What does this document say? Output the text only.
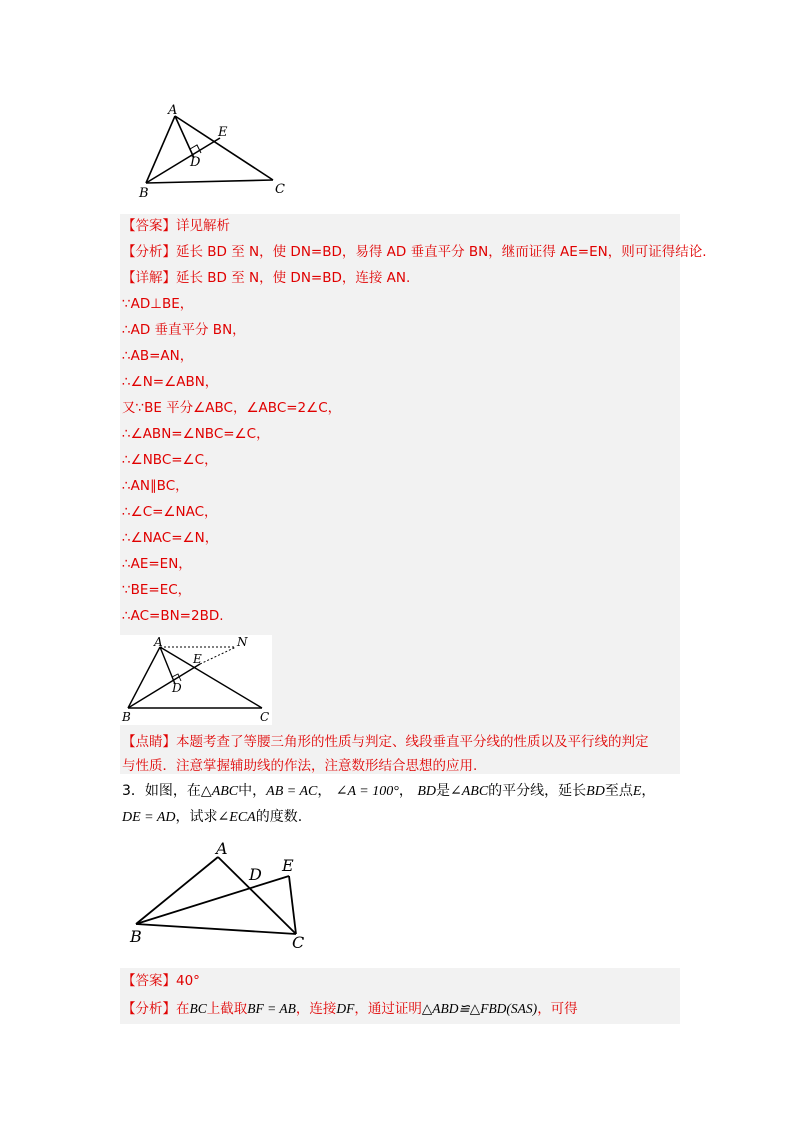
A
E
D
B	C
【答案】详见解析
【分析】延长 BD 至 N，使 DN=BD，易得 AD 垂直平分 BN，继而证得 AE=EN，则可证得结论.
【详解】延长 BD 至 N，使 DN=BD，连接 AN.
∵AD⊥BE，
∴AD 垂直平分 BN，
∴AB=AN，
∴∠N=∠ABN，
又∵BE 平分∠ABC，∠ABC=2∠C，
∴∠ABN=∠NBC=∠C，
∴∠NBC=∠C，
∴AN∥BC，
∴∠C=∠NAC，
∴∠NAC=∠N，
∴AE=EN，
∵BE=EC，
∴AC=BN=2BD.
A	N
E
D
B	C
【点睛】本题考查了等腰三角形的性质与判定、线段垂直平分线的性质以及平行线的判定
与性质．注意掌握辅助线的作法，注意数形结合思想的应用.
3．如图，在△ABC中，AB = AC， ∠A = 100°， BD是∠ABC的平分线，延长BD至点E，
DE = AD，试求∠ECA的度数.
A
D E
B	C
【答案】40°
【分析】在BC上截取BF = AB，连接DF，通过证明△ABD≌△FBD(SAS)，可得
